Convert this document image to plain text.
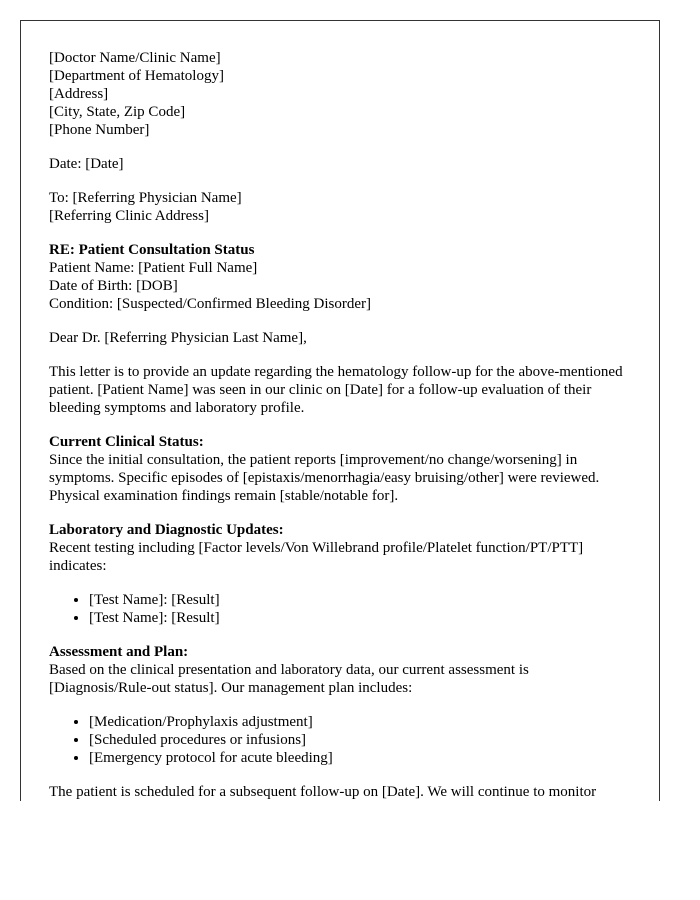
[Doctor Name/Clinic Name]
[Department of Hematology]
[Address]
[City, State, Zip Code]
[Phone Number]

Date: [Date]

To: [Referring Physician Name]
[Referring Clinic Address]

RE: Patient Consultation Status
Patient Name: [Patient Full Name]
Date of Birth: [DOB]
Condition: [Suspected/Confirmed Bleeding Disorder]

Dear Dr. [Referring Physician Last Name],

This letter is to provide an update regarding the hematology follow-up for the above-mentioned patient. [Patient Name] was seen in our clinic on [Date] for a follow-up evaluation of their bleeding symptoms and laboratory profile.

Current Clinical Status:
Since the initial consultation, the patient reports [improvement/no change/worsening] in symptoms. Specific episodes of [epistaxis/menorrhagia/easy bruising/other] were reviewed. Physical examination findings remain [stable/notable for].

Laboratory and Diagnostic Updates:
Recent testing including [Factor levels/Von Willebrand profile/Platelet function/PT/PTT] indicates:

• [Test Name]: [Result]
• [Test Name]: [Result]

Assessment and Plan:
Based on the clinical presentation and laboratory data, our current assessment is [Diagnosis/Rule-out status]. Our management plan includes:

• [Medication/Prophylaxis adjustment]
• [Scheduled procedures or infusions]
• [Emergency protocol for acute bleeding]

The patient is scheduled for a subsequent follow-up on [Date]. We will continue to monitor
